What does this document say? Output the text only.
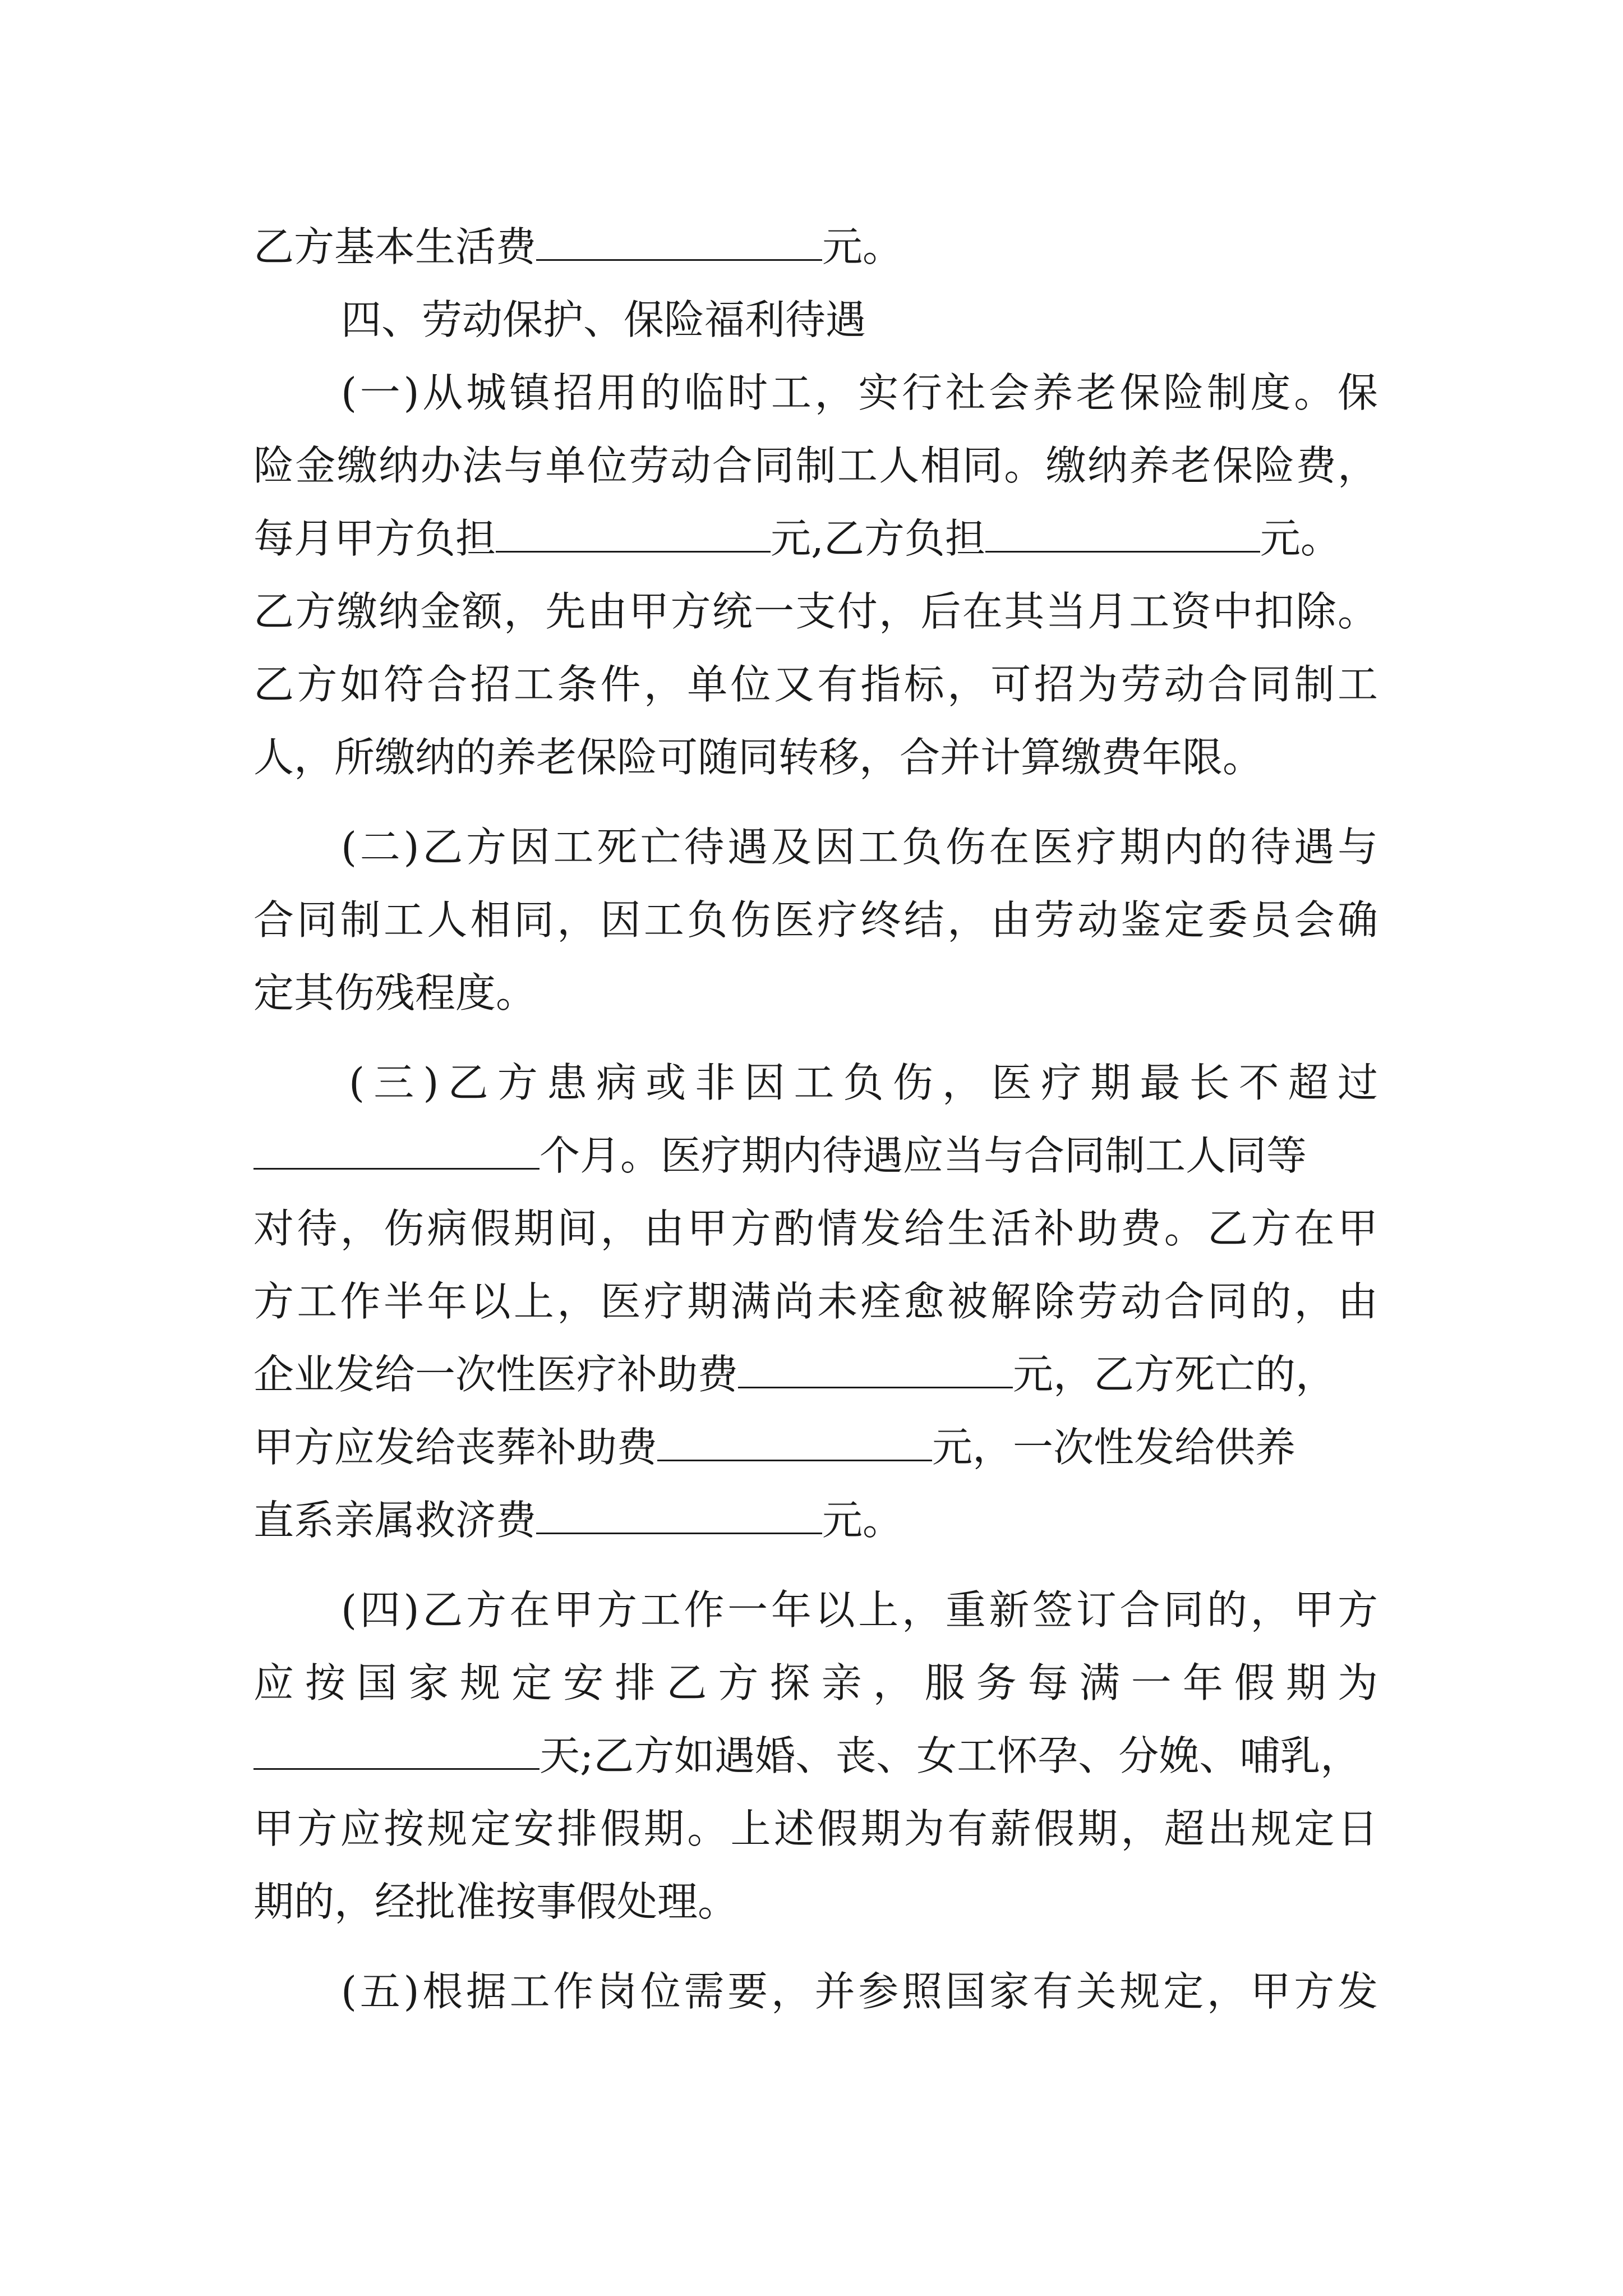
乙方基本生活费	元。
四、劳动保护、保险福利待遇
(一)从城镇招用的临时工，实行社会养老保险制度。保
险金缴纳办法与单位劳动合同制工人相同。缴纳养老保险费，
每月甲方负担	元,乙方负担	元。
乙方缴纳金额，先由甲方统一支付，后在其当月工资中扣除。
乙方如符合招工条件，单位又有指标，可招为劳动合同制工
人，所缴纳的养老保险可随同转移，合并计算缴费年限。
(二)乙方因工死亡待遇及因工负伤在医疗期内的待遇与
合同制工人相同，因工负伤医疗终结，由劳动鉴定委员会确
定其伤残程度。
(三)乙方患病或非因工负伤，医疗期最长不超过
个月。医疗期内待遇应当与合同制工人同等
对待，伤病假期间，由甲方酌情发给生活补助费。乙方在甲
方工作半年以上，医疗期满尚未痊愈被解除劳动合同的，由
企业发给一次性医疗补助费	元，乙方死亡的，
甲方应发给丧葬补助费	元，一次性发给供养
直系亲属救济费	元。
(四)乙方在甲方工作一年以上，重新签订合同的，甲方
应按国家规定安排乙方探亲，服务每满一年假期为
天;乙方如遇婚、丧、女工怀孕、分娩、哺乳，
甲方应按规定安排假期。上述假期为有薪假期，超出规定日
期的，经批准按事假处理。
(五)根据工作岗位需要，并参照国家有关规定，甲方发
